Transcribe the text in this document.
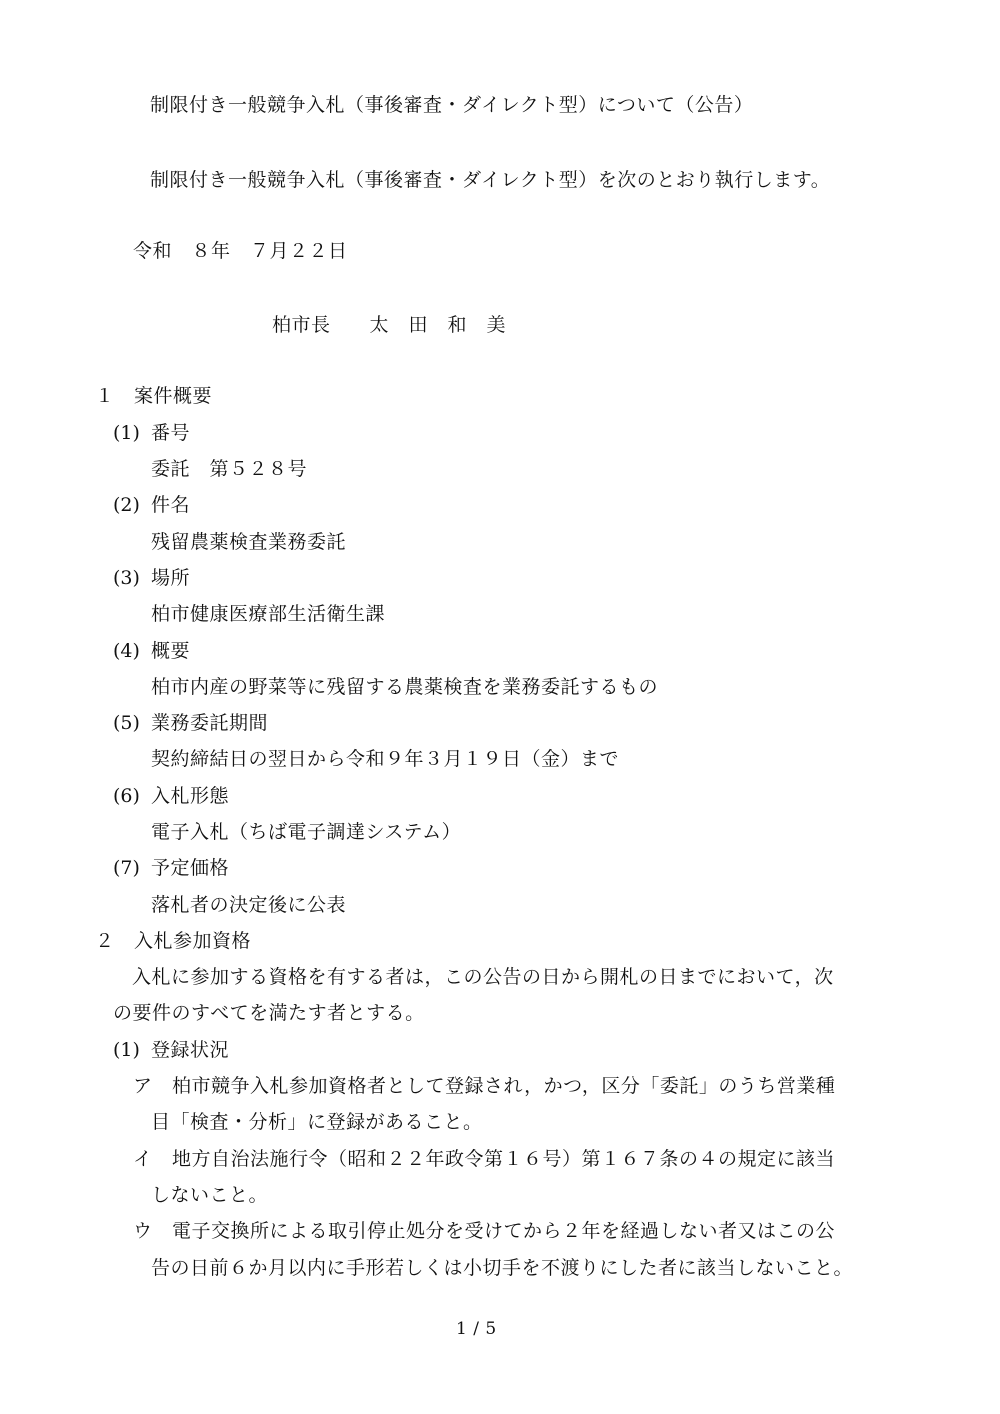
制限付き一般競争入札（事後審査・ダイレクト型）について（公告）
制限付き一般競争入札（事後審査・ダイレクト型）を次のとおり執行します。
令和　８年　７月２２日
柏市長　　太　田　和　美
１　案件概要
(1) 番号
委託　第５２８号
(2) 件名
残留農薬検査業務委託
(3) 場所
柏市健康医療部生活衛生課
(4) 概要
柏市内産の野菜等に残留する農薬検査を業務委託するもの
(5) 業務委託期間
契約締結日の翌日から令和９年３月１９日（金）まで
(6) 入札形態
電子入札（ちば電子調達システム）
(7) 予定価格
落札者の決定後に公表
２　入札参加資格
入札に参加する資格を有する者は，この公告の日から開札の日までにおいて，次
の要件のすべてを満たす者とする。
(1) 登録状況
ア 柏市競争入札参加資格者として登録され，かつ，区分「委託」のうち営業種
目「検査・分析」に登録があること。
イ 地方自治法施行令（昭和２２年政令第１６号）第１６７条の４の規定に該当
しないこと。
ウ 電子交換所による取引停止処分を受けてから２年を経過しない者又はこの公
告の日前６か月以内に手形若しくは小切手を不渡りにした者に該当しないこと。
1 / 5
